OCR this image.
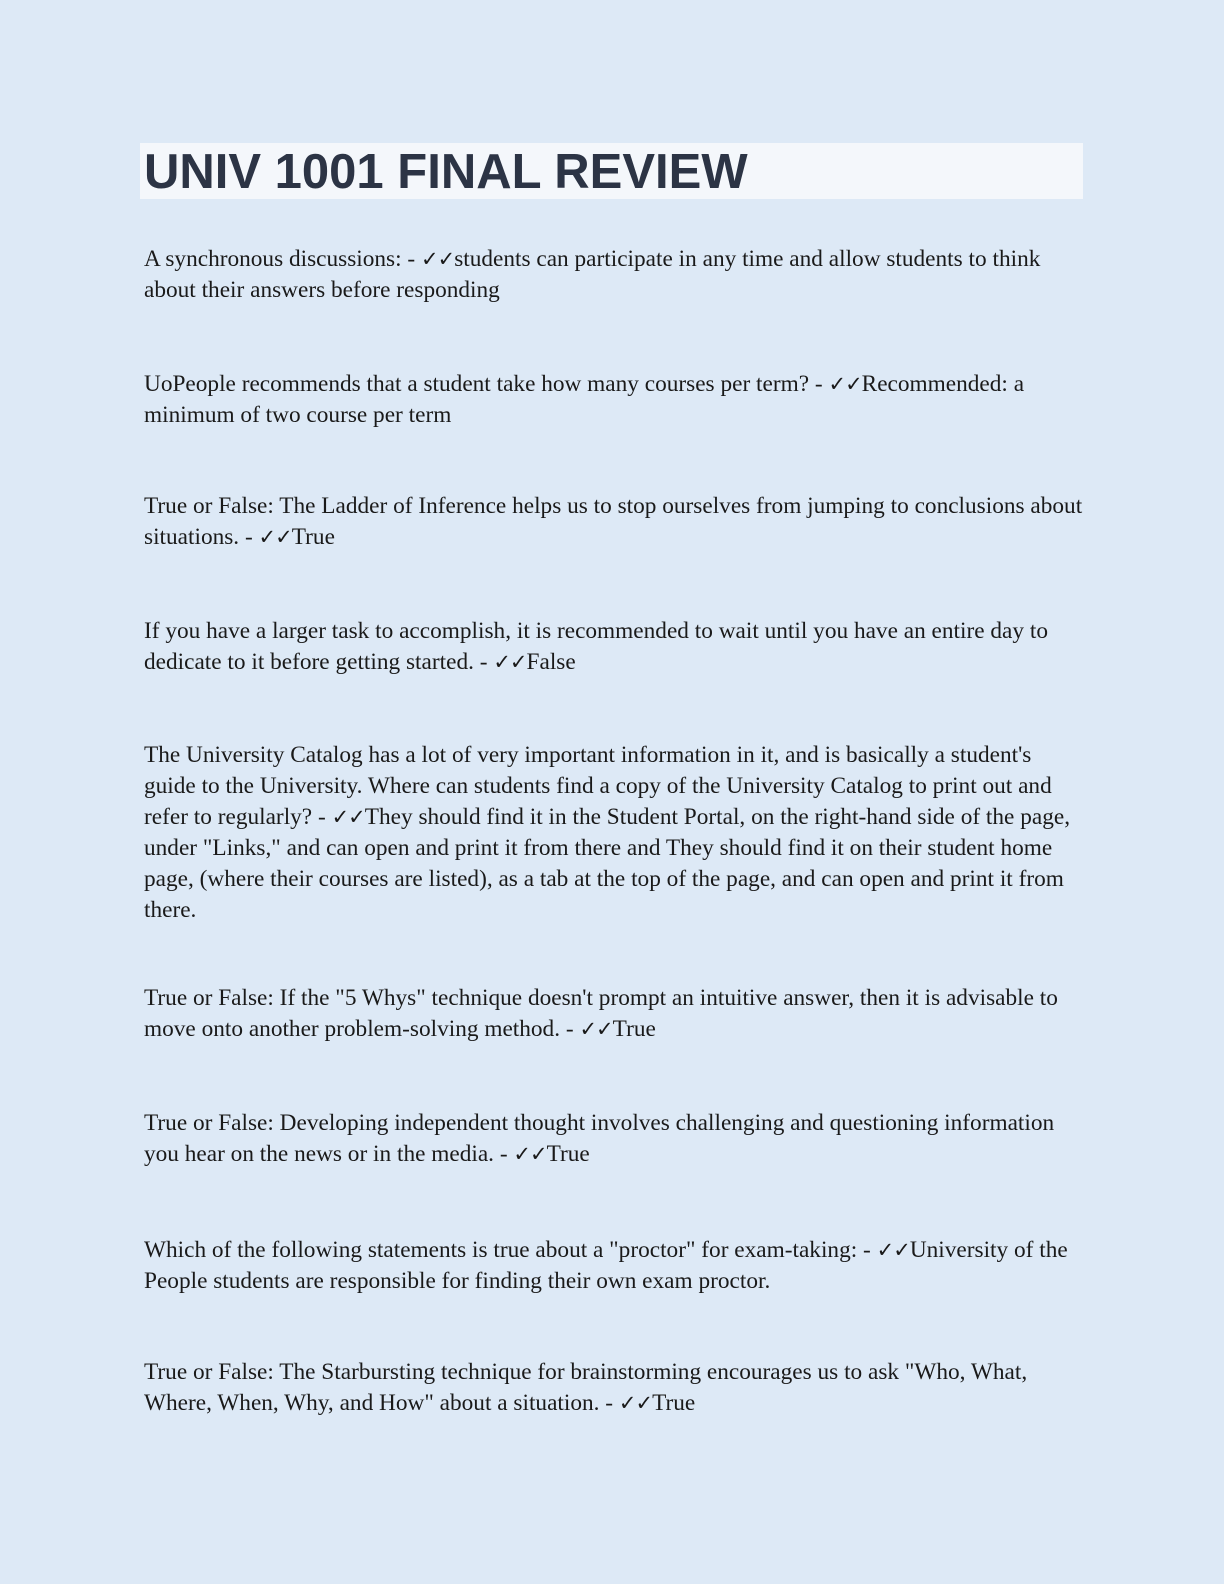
UNIV 1001 FINAL REVIEW

A synchronous discussions: - ✓✓students can participate in any time and allow students to think about their answers before responding

UoPeople recommends that a student take how many courses per term? - ✓✓Recommended: a minimum of two course per term

True or False: The Ladder of Inference helps us to stop ourselves from jumping to conclusions about situations. - ✓✓True

If you have a larger task to accomplish, it is recommended to wait until you have an entire day to dedicate to it before getting started. - ✓✓False

The University Catalog has a lot of very important information in it, and is basically a student's guide to the University. Where can students find a copy of the University Catalog to print out and refer to regularly? - ✓✓They should find it in the Student Portal, on the right-hand side of the page, under "Links," and can open and print it from there and They should find it on their student home page, (where their courses are listed), as a tab at the top of the page, and can open and print it from there.

True or False: If the "5 Whys" technique doesn't prompt an intuitive answer, then it is advisable to move onto another problem-solving method. - ✓✓True

True or False: Developing independent thought involves challenging and questioning information you hear on the news or in the media. - ✓✓True

Which of the following statements is true about a "proctor" for exam-taking: - ✓✓University of the People students are responsible for finding their own exam proctor.

True or False: The Starbursting technique for brainstorming encourages us to ask "Who, What, Where, When, Why, and How" about a situation. - ✓✓True
